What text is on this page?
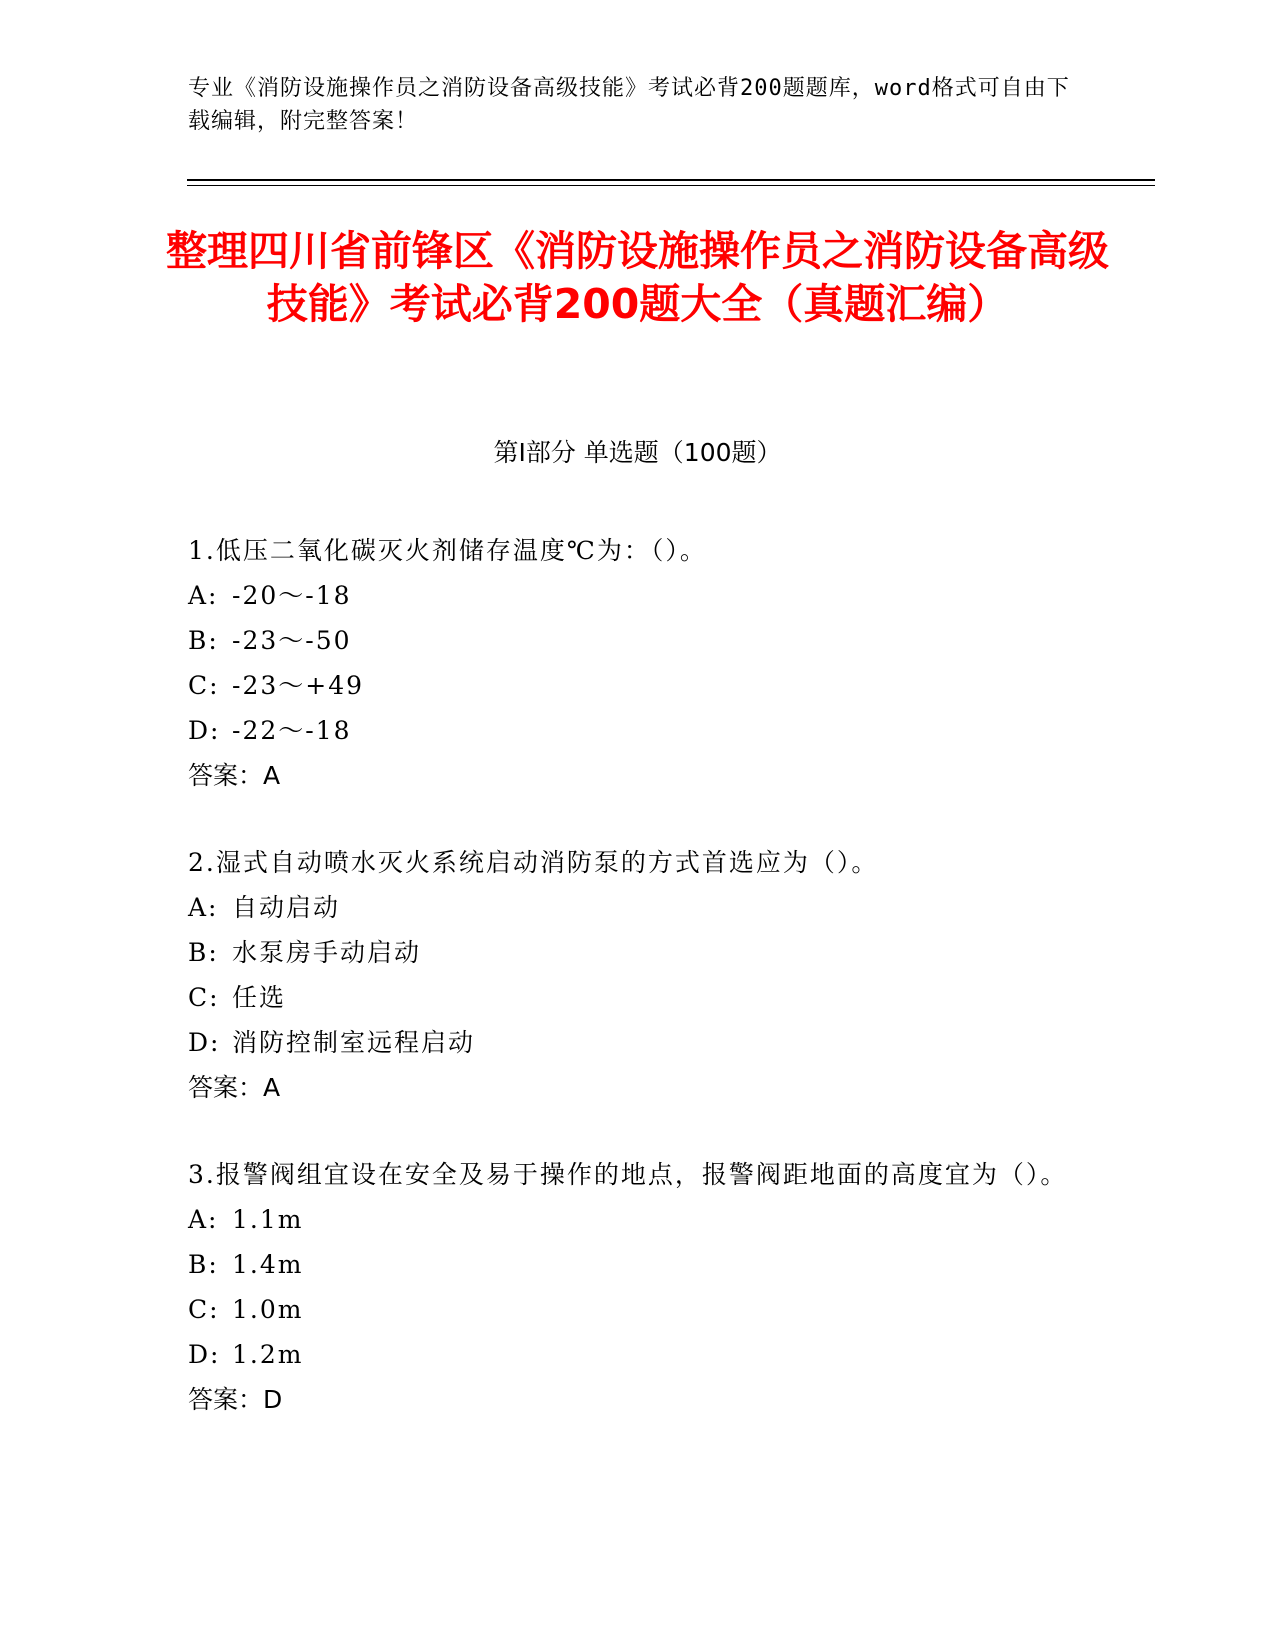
专业《消防设施操作员之消防设备高级技能》考试必背200题题库，word格式可自由下载编辑，附完整答案！
整理四川省前锋区《消防设施操作员之消防设备高级技能》考试必背200题大全（真题汇编）
第Ⅰ部分 单选题（100题）
1.低压二氧化碳灭火剂储存温度℃为：（）。
A: -20～-18
B: -23～-50
C: -23～+49
D: -22～-18
答案：A
2.湿式自动喷水灭火系统启动消防泵的方式首选应为（）。
A: 自动启动
B: 水泵房手动启动
C: 任选
D: 消防控制室远程启动
答案：A
3.报警阀组宜设在安全及易于操作的地点，报警阀距地面的高度宜为（）。
A: 1.1m
B: 1.4m
C: 1.0m
D: 1.2m
答案：D
